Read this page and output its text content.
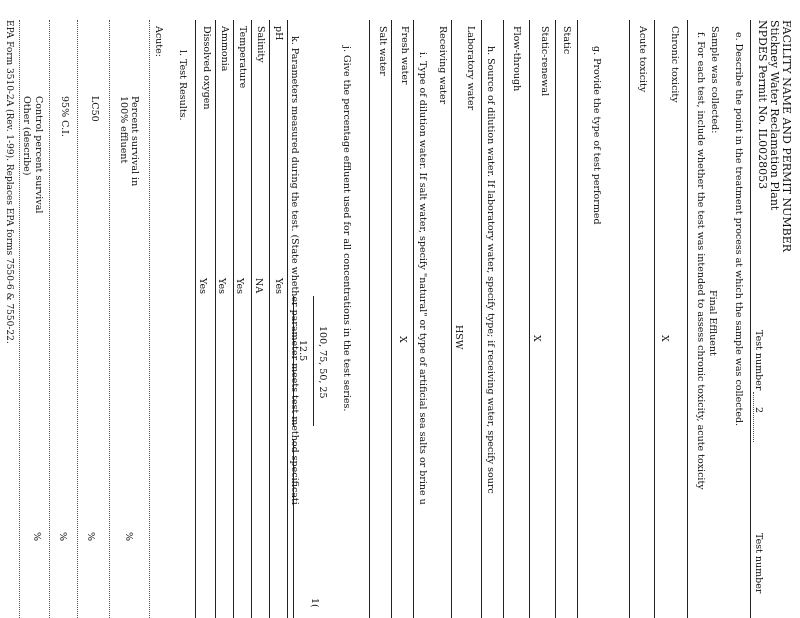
FACILITY NAME AND PERMIT NUMBER
Stickney Water Reclamation Plant
NPDES Permit No. IL0028053
Test number
2
Test number
e. Describe the point in the treatment process at which the sample was collected.
Sample was collected:
Final Effluent
f. For each test, include whether the test was intended to assess chronic toxicity, acute toxicity
Chronic toxicity
X
Acute toxicity
g. Provide the type of test performed
Static
Static-renewal
X
Flow-through
h. Source of dilution water. If laboratory water, specify type; if receiving water, specify sourc
Laboratory water
HSW
Receiving water
i. Type of dilution water. If salt water, specify "natural" or type of artificial sea salts or brine u
Fresh water
X
Salt water
j. Give the percentage effluent used for all concentrations in the test series.
100, 75, 50, 25
12.5
1(
k. Parameters measured during the test. (State whether parameter meets test method specificati
pH
Yes
Salinity
NA
Temperature
Yes
Ammonia
Yes
Dissolved oxygen
Yes
l. Test Results.
Acute:
Percent survival in 100% effluent
%
LC50
%
95% C.I.
%
Control percent survival
%
Other (describe)
EPA Form 3510-2A (Rev. 1-99). Replaces EPA forms 7550-6 & 7550-22.
